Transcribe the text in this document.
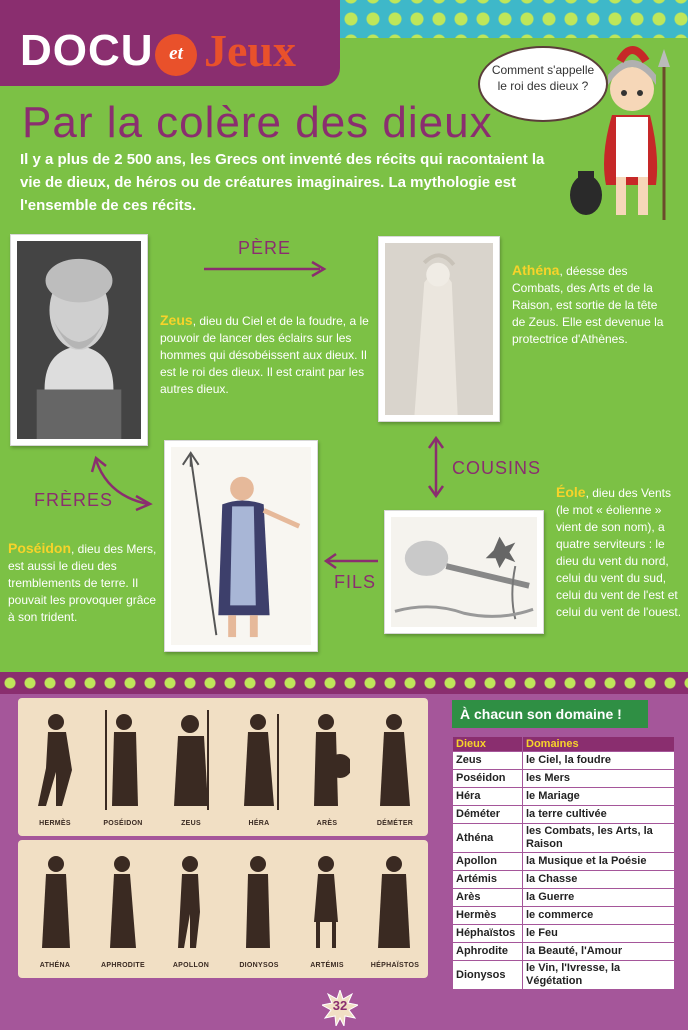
DOCU et Jeux
Par la colère des dieux

Il y a plus de 2 500 ans, les Grecs ont inventé des récits qui racontaient la vie de dieux, de héros ou de créatures imaginaires. La mythologie est l'ensemble de ces récits.

Comment s'appelle
le roi des dieux ?
Zeus, dieu du Ciel et de la foudre, a le pouvoir de lancer des éclairs sur les hommes qui désobéissent aux dieux. Il est le roi des dieux. Il est craint par les autres dieux.
Athéna, déesse des Combats, des Arts et de la Raison, est sortie de la tête de Zeus. Elle est devenue la protectrice d'Athènes.
Poséidon, dieu des Mers, est aussi le dieu des tremblements de terre. Il pouvait les provoquer grâce à son trident.
Éole, dieu des Vents (le mot « éolienne » vient de son nom), a quatre serviteurs : le dieu du vent du nord, celui du vent du sud, celui du vent de l'est et celui du vent de l'ouest.
PÈRE
COUSINS
FRÈRES
FILS
HERMÈS	POSÉIDON	ZEUS	HÉRA	ARÈS	DÉMÉTER
ATHÉNA	APHRODITE	APOLLON	DIONYSOS	ARTÉMIS	HÉPHAÏSTOS
À chacun son domaine !
Dieux	Domaines
Zeus	le Ciel, la foudre
Poséidon	les Mers
Héra	le Mariage
Déméter	la terre cultivée
Athéna	les Combats, les Arts, la Raison
Apollon	la Musique et la Poésie
Artémis	la Chasse
Arès	la Guerre
Hermès	le commerce
Héphaïstos	le Feu
Aphrodite	la Beauté, l'Amour
Dionysos	le Vin, l'Ivresse, la Végétation
32
